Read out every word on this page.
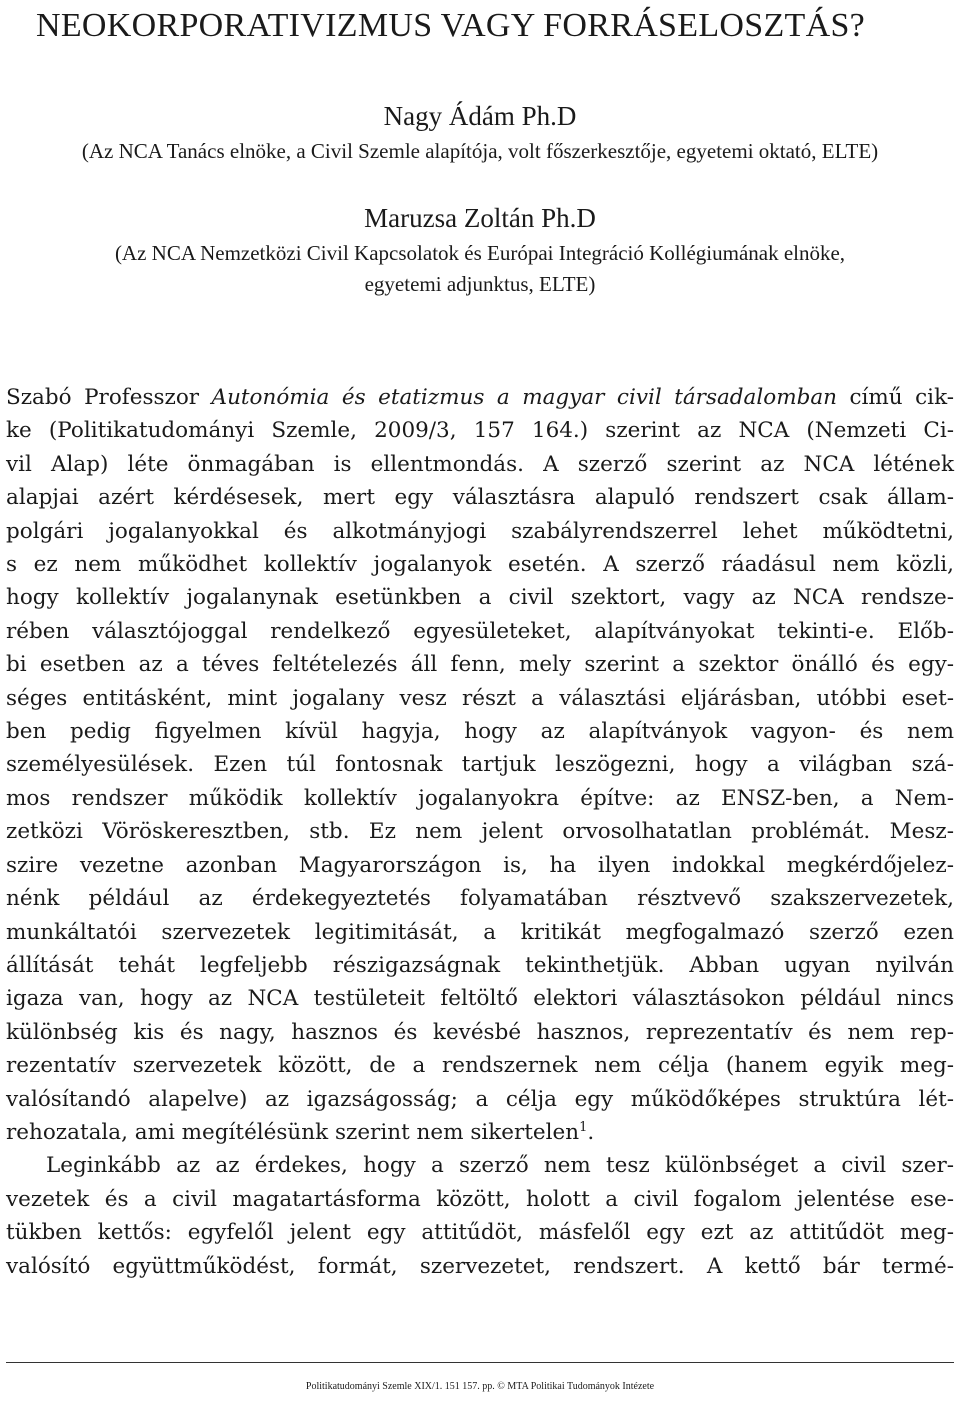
NEOKORPORATIVIZMUS VAGY FORRÁSELOSZTÁS?
Nagy Ádám Ph.D
(Az NCA Tanács elnöke, a Civil Szemle alapítója, volt főszerkesztője, egyetemi oktató, ELTE)
Maruzsa Zoltán Ph.D
(Az NCA Nemzetközi Civil Kapcsolatok és Európai Integráció Kollégiumának elnöke,
egyetemi adjunktus, ELTE)
Szabó Professzor Autonómia és etatizmus a magyar civil társadalomban című cik-
ke (Politikatudományi Szemle, 2009/3, 157 164.) szerint az NCA (Nemzeti Ci-
vil Alap) léte önmagában is ellentmondás. A szerző szerint az NCA létének
alapjai azért kérdésesek, mert egy választásra alapuló rendszert csak állam-
polgári jogalanyokkal és alkotmányjogi szabályrendszerrel lehet működtetni,
s ez nem működhet kollektív jogalanyok esetén. A szerző ráadásul nem közli,
hogy kollektív jogalanynak esetünkben a civil szektort, vagy az NCA rendsze-
rében választójoggal rendelkező egyesületeket, alapítványokat tekinti-e. Előb-
bi esetben az a téves feltételezés áll fenn, mely szerint a szektor önálló és egy-
séges entitásként, mint jogalany vesz részt a választási eljárásban, utóbbi eset-
ben pedig figyelmen kívül hagyja, hogy az alapítványok vagyon- és nem
személyesülések. Ezen túl fontosnak tartjuk leszögezni, hogy a világban szá-
mos rendszer működik kollektív jogalanyokra építve: az ENSZ-ben, a Nem-
zetközi Vöröskeresztben, stb. Ez nem jelent orvosolhatatlan problémát. Mesz-
szire vezetne azonban Magyarországon is, ha ilyen indokkal megkérdőjelez-
nénk például az érdekegyeztetés folyamatában résztvevő szakszervezetek,
munkáltatói szervezetek legitimitását, a kritikát megfogalmazó szerző ezen
állítását tehát legfeljebb részigazságnak tekinthetjük. Abban ugyan nyilván
igaza van, hogy az NCA testületeit feltöltő elektori választásokon például nincs
különbség kis és nagy, hasznos és kevésbé hasznos, reprezentatív és nem rep-
rezentatív szervezetek között, de a rendszernek nem célja (hanem egyik meg-
valósítandó alapelve) az igazságosság; a célja egy működőképes struktúra lét-
rehozatala, ami megítélésünk szerint nem sikertelen$^1$.
Leginkább az az érdekes, hogy a szerző nem tesz különbséget a civil szer-
vezetek és a civil magatartásforma között, holott a civil fogalom jelentése ese-
tükben kettős: egyfelől jelent egy attitűdöt, másfelől egy ezt az attitűdöt meg-
valósító együttműködést, formát, szervezetet, rendszert. A kettő bár termé-
Politikatudományi Szemle XIX/1. 151 157. pp. © MTA Politikai Tudományok Intézete
